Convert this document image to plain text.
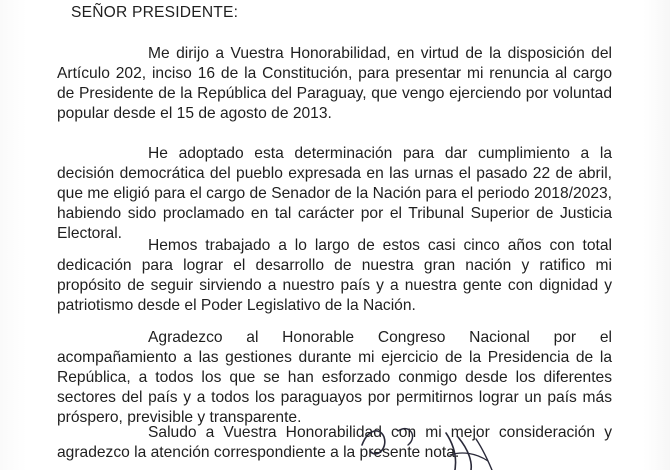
SEÑOR PRESIDENTE:

Me dirijo a Vuestra Honorabilidad, en virtud de la disposición del Artículo 202, inciso 16 de la Constitución, para presentar mi renuncia al cargo de Presidente de la República del Paraguay, que vengo ejerciendo por voluntad popular desde el 15 de agosto de 2013.

He adoptado esta determinación para dar cumplimiento a la decisión democrática del pueblo expresada en las urnas el pasado 22 de abril, que me eligió para el cargo de Senador de la Nación para el periodo 2018/2023, habiendo sido proclamado en tal carácter por el Tribunal Superior de Justicia Electoral.

Hemos trabajado a lo largo de estos casi cinco años con total dedicación para lograr el desarrollo de nuestra gran nación y ratifico mi propósito de seguir sirviendo a nuestro país y a nuestra gente con dignidad y patriotismo desde el Poder Legislativo de la Nación.

Agradezco al Honorable Congreso Nacional por el acompañamiento a las gestiones durante mi ejercicio de la Presidencia de la República, a todos los que se han esforzado conmigo desde los diferentes sectores del país y a todos los paraguayos por permitirnos lograr un país más próspero, previsible y transparente.

Saludo a Vuestra Honorabilidad con mi mejor consideración y agradezco la atención correspondiente a la presente nota.
